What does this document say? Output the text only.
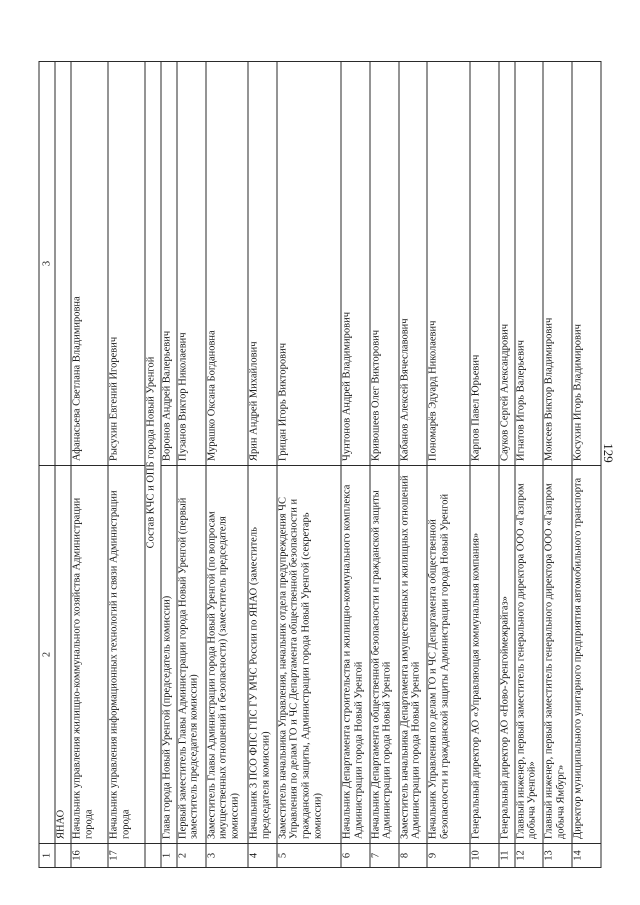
129
1	2	3
	ЯНАО	
16	Начальник управления жилищно-коммунального хозяйства Администрации города	Афанасьева Светлана Владимировна
17	Начальник управления информационных технологий и связи Администрации города	Рысухин Евгений Игоревич
	Состав КЧС и ОПБ города Новый Уренгой	
1	Глава города Новый Уренгой (председатель комиссии)	Воронов Андрей Валерьевич
2	Первый заместитель Главы Администрации города Новый Уренгой (первый заместитель председателя комиссии)	Пузанов Виктор Николаевич
3	Заместитель Главы Администрации города Новый Уренгой (по вопросам имущественных отношений и безопасности) (заместитель председателя комиссии)	Мурашко Оксана Богдановна
4	Начальник 3 ПСО ФПС ГПС ГУ МЧС России по ЯНАО (заместитель председателя комиссии)	Ярин Андрей Михайлович
5	Заместитель начальника Управления, начальник отдела предупреждения ЧС Управления по делам ГО и ЧС Департамента общественной безопасности и гражданской защиты, Администрации города Новый Уренгой (секретарь комиссии)	Грицан Игорь Викторович
6	Начальник Департамента строительства и жилищно-коммунального комплекса Администрации города Новый Уренгой	Чунтонов Андрей Владимирович
7	Начальник Департамента общественной безопасности и гражданской защиты Администрации города Новый Уренгой	Кривошеев Олег Викторович
8	Заместитель начальника Департамента имущественных и жилищных отношений Администрации города Новый Уренгой	Кабанов Алексей Вячеславович
9	Начальник Управления по делам ГО и ЧС Департамента общественной безопасности и гражданской защиты Администрации города Новый Уренгой	Пономарёв Эдуард Николаевич
10	Генеральный директор АО «Управляющая коммунальная компания»	Карпов Павел Юрьевич
11	Генеральный директор АО «Ново-Уренгоймежрайгаз»	Сауков Сергей Александрович
12	Главный инженер, первый заместитель генерального директора ООО «Газпром добыча Уренгой»	Игнатов Игорь Валерьевич
13	Главный инженер, первый заместитель генерального директора ООО «Газпром добыча Ямбург»	Моисеев Виктор Владимирович
14	Директор муниципального унитарного предприятия автомобильного транспорта	Косухин Игорь Владимирович
